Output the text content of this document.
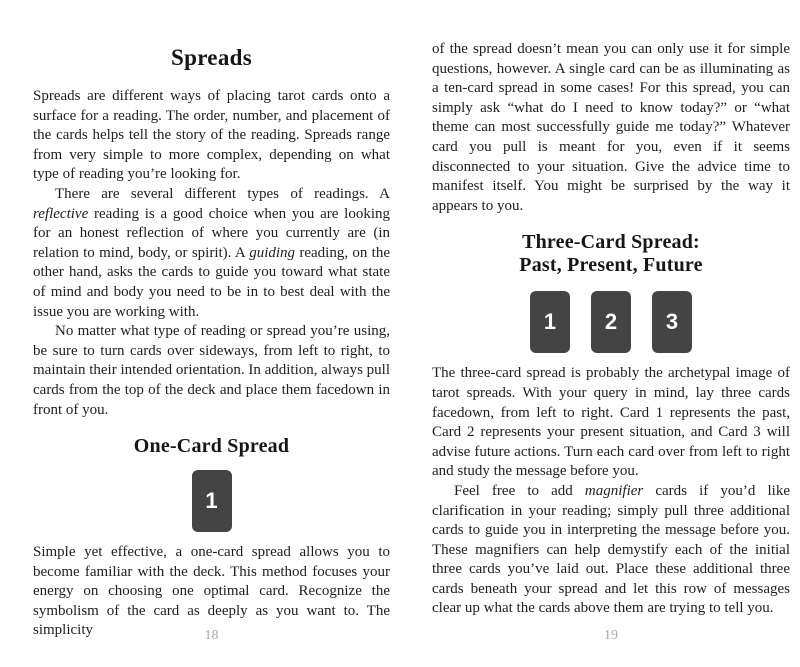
Spreads

Spreads are different ways of placing tarot cards onto a surface for a reading. The order, number, and placement of the cards helps tell the story of the reading. Spreads range from very simple to more complex, depending on what type of reading you’re looking for.

There are several different types of readings. A reflective reading is a good choice when you are looking for an honest reflection of where you currently are (in relation to mind, body, or spirit). A guiding reading, on the other hand, asks the cards to guide you toward what state of mind and body you need to be in to best deal with the issue you are working with.

No matter what type of reading or spread you’re using, be sure to turn cards over sideways, from left to right, to maintain their intended orientation. In addition, always pull cards from the top of the deck and place them facedown in front of you.

One-Card Spread
1

Simple yet effective, a one-card spread allows you to become familiar with the deck. This method focuses your energy on choosing one optimal card. Recognize the symbolism of the card as deeply as you want to. The simplicity	18

of the spread doesn’t mean you can only use it for simple questions, however. A single card can be as illuminating as a ten-card spread in some cases! For this spread, you can simply ask “what do I need to know today?” or “what theme can most successfully guide me today?” Whatever card you pull is meant for you, even if it seems disconnected to your situation. Give the advice time to manifest itself. You might be surprised by the way it appears to you.

Three-Card Spread:
Past, Present, Future
1 2 3

The three-card spread is probably the archetypal image of tarot spreads. With your query in mind, lay three cards facedown, from left to right. Card 1 represents the past, Card 2 represents your present situation, and Card 3 will advise future actions. Turn each card over from left to right and study the message before you.

Feel free to add magnifier cards if you’d like clarification in your reading; simply pull three additional cards to guide you in interpreting the message before you. These magnifiers can help demystify each of the initial three cards you’ve laid out. Place these additional three cards beneath your spread and let this row of messages clear up what the cards above them are trying to tell you.

19
